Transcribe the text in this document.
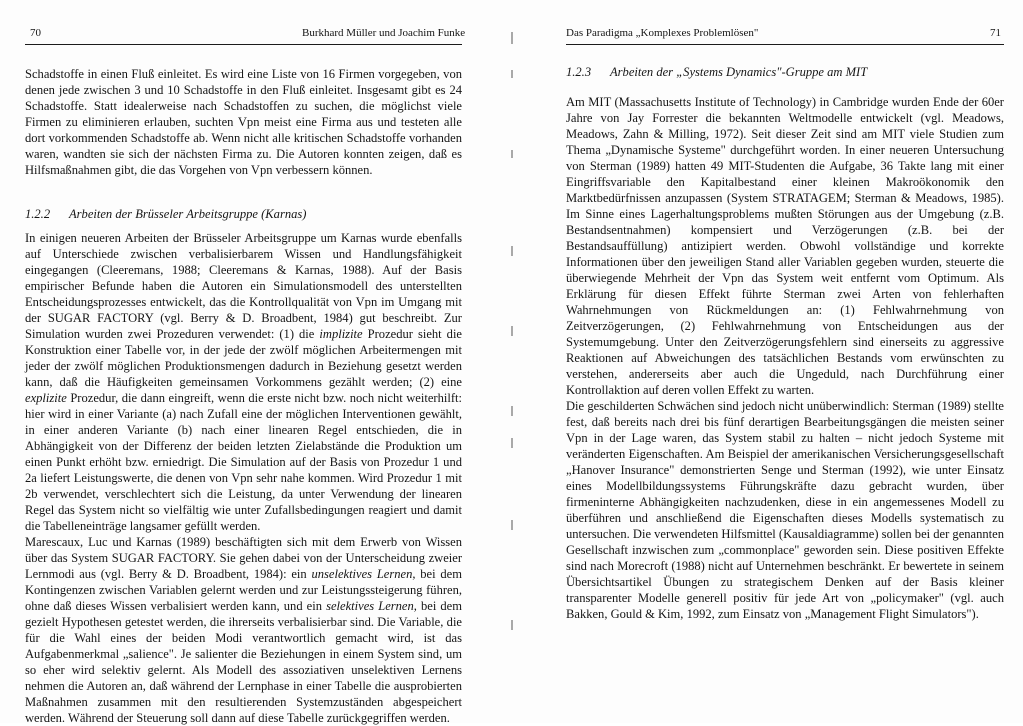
70	Burkhard Müller und Joachim Funke

Schadstoffe in einen Fluß einleitet. Es wird eine Liste von 16 Firmen vorgegeben, von denen jede zwischen 3 und 10 Schadstoffe in den Fluß einleitet. Insgesamt gibt es 24 Schadstoffe. Statt idealerweise nach Schadstoffen zu suchen, die möglichst viele Firmen zu eliminieren erlauben, suchten Vpn meist eine Firma aus und testeten alle dort vorkommenden Schadstoffe ab. Wenn nicht alle kritischen Schadstoffe vorhanden waren, wandten sie sich der nächsten Firma zu. Die Autoren konnten zeigen, daß es Hilfsmaßnahmen gibt, die das Vorgehen von Vpn verbessern können.

1.2.2 Arbeiten der Brüsseler Arbeitsgruppe (Karnas)

In einigen neueren Arbeiten der Brüsseler Arbeitsgruppe um Karnas wurde ebenfalls auf Unterschiede zwischen verbalisierbarem Wissen und Handlungsfähigkeit eingegangen (Cleeremans, 1988; Cleeremans & Karnas, 1988). Auf der Basis empirischer Befunde haben die Autoren ein Simulationsmodell des unterstellten Entscheidungsprozesses entwickelt, das die Kontrollqualität von Vpn im Umgang mit der SUGAR FACTORY (vgl. Berry & D. Broadbent, 1984) gut beschreibt. Zur Simulation wurden zwei Prozeduren verwendet: (1) die implizite Prozedur sieht die Konstruktion einer Tabelle vor, in der jede der zwölf möglichen Arbeitermengen mit jeder der zwölf möglichen Produktionsmengen dadurch in Beziehung gesetzt werden kann, daß die Häufigkeiten gemeinsamen Vorkommens gezählt werden; (2) eine explizite Prozedur, die dann eingreift, wenn die erste nicht bzw. noch nicht weiterhilft: hier wird in einer Variante (a) nach Zufall eine der möglichen Interventionen gewählt, in einer anderen Variante (b) nach einer linearen Regel entschieden, die in Abhängigkeit von der Differenz der beiden letzten Zielabstände die Produktion um einen Punkt erhöht bzw. erniedrigt. Die Simulation auf der Basis von Prozedur 1 und 2a liefert Leistungswerte, die denen von Vpn sehr nahe kommen. Wird Prozedur 1 mit 2b verwendet, verschlechtert sich die Leistung, da unter Verwendung der linearen Regel das System nicht so vielfältig wie unter Zufallsbedingungen reagiert und damit die Tabelleneinträge langsamer gefüllt werden.

Marescaux, Luc und Karnas (1989) beschäftigten sich mit dem Erwerb von Wissen über das System SUGAR FACTORY. Sie gehen dabei von der Unterscheidung zweier Lernmodi aus (vgl. Berry & D. Broadbent, 1984): ein unselektives Lernen, bei dem Kontingenzen zwischen Variablen gelernt werden und zur Leistungssteigerung führen, ohne daß dieses Wissen verbalisiert werden kann, und ein selektives Lernen, bei dem gezielt Hypothesen getestet werden, die ihrerseits verbalisierbar sind. Die Variable, die für die Wahl eines der beiden Modi verantwortlich gemacht wird, ist das Aufgabenmerkmal „salience". Je salienter die Beziehungen in einem System sind, um so eher wird selektiv gelernt. Als Modell des assoziativen unselektiven Lernens nehmen die Autoren an, daß während der Lernphase in einer Tabelle die ausprobierten Maßnahmen zusammen mit den resultierenden Systemzuständen abgespeichert werden. Während der Steuerung soll dann auf diese Tabelle zurückgegriffen werden.

Das Paradigma „Komplexes Problemlösen"	71
1.2.3 Arbeiten der „Systems Dynamics"-Gruppe am MIT

Am MIT (Massachusetts Institute of Technology) in Cambridge wurden Ende der 60er Jahre von Jay Forrester die bekannten Weltmodelle entwickelt (vgl. Meadows, Meadows, Zahn & Milling, 1972). Seit dieser Zeit sind am MIT viele Studien zum Thema „Dynamische Systeme" durchgeführt worden. In einer neueren Untersuchung von Sterman (1989) hatten 49 MIT-Studenten die Aufgabe, 36 Takte lang mit einer Eingriffsvariable den Kapitalbestand einer kleinen Makroökonomik den Marktbedürfnissen anzupassen (System STRATAGEM; Sterman & Meadows, 1985). Im Sinne eines Lagerhaltungsproblems mußten Störungen aus der Umgebung (z.B. Bestandsentnahmen) kompensiert und Verzögerungen (z.B. bei der Bestandsauffüllung) antizipiert werden. Obwohl vollständige und korrekte Informationen über den jeweiligen Stand aller Variablen gegeben wurden, steuerte die überwiegende Mehrheit der Vpn das System weit entfernt vom Optimum. Als Erklärung für diesen Effekt führte Sterman zwei Arten von fehlerhaften Wahrnehmungen von Rückmeldungen an: (1) Fehlwahrnehmung von Zeitverzögerungen, (2) Fehlwahrnehmung von Entscheidungen aus der Systemumgebung. Unter den Zeitverzögerungsfehlern sind einerseits zu aggressive Reaktionen auf Abweichungen des tatsächlichen Bestands vom erwünschten zu verstehen, andererseits aber auch die Ungeduld, nach Durchführung einer Kontrollaktion auf deren vollen Effekt zu warten.

Die geschilderten Schwächen sind jedoch nicht unüberwindlich: Sterman (1989) stellte fest, daß bereits nach drei bis fünf derartigen Bearbeitungsgängen die meisten seiner Vpn in der Lage waren, das System stabil zu halten – nicht jedoch Systeme mit veränderten Eigenschaften. Am Beispiel der amerikanischen Versicherungsgesellschaft „Hanover Insurance" demonstrierten Senge und Sterman (1992), wie unter Einsatz eines Modellbildungssystems Führungskräfte dazu gebracht wurden, über firmeninterne Abhängigkeiten nachzudenken, diese in ein angemessenes Modell zu überführen und anschließend die Eigenschaften dieses Modells systematisch zu untersuchen. Die verwendeten Hilfsmittel (Kausaldiagramme) sollen bei der genannten Gesellschaft inzwischen zum „commonplace" geworden sein. Diese positiven Effekte sind nach Morecroft (1988) nicht auf Unternehmen beschränkt. Er bewertete in seinem Übersichtsartikel Übungen zu strategischem Denken auf der Basis kleiner transparenter Modelle generell positiv für jede Art von „policymaker" (vgl. auch Bakken, Gould & Kim, 1992, zum Einsatz von „Management Flight Simulators").
